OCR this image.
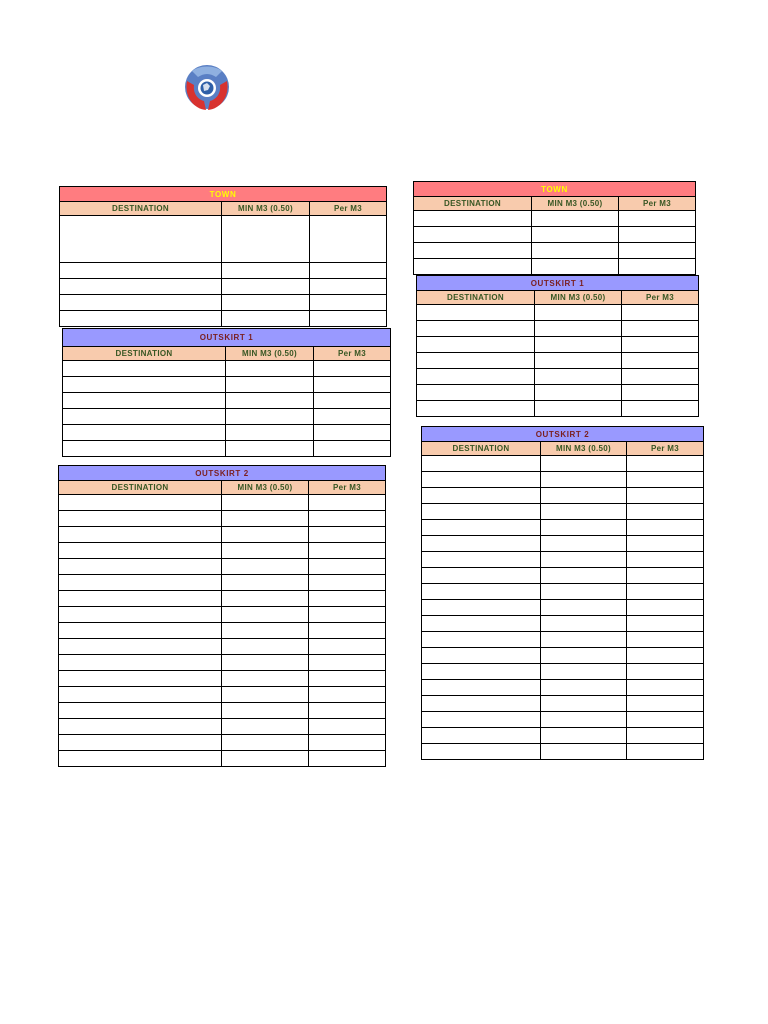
TOWN		
DESTINATION	MIN M3 (0.50)	Per M3

OUTSKIRT 1		
DESTINATION	MIN M3 (0.50)	Per M3

OUTSKIRT 2		
DESTINATION	MIN M3 (0.50)	Per M3

TOWN		
DESTINATION	MIN M3 (0.50)	Per M3

OUTSKIRT 1		
DESTINATION	MIN M3 (0.50)	Per M3

OUTSKIRT 2		
DESTINATION	MIN M3 (0.50)	Per M3
